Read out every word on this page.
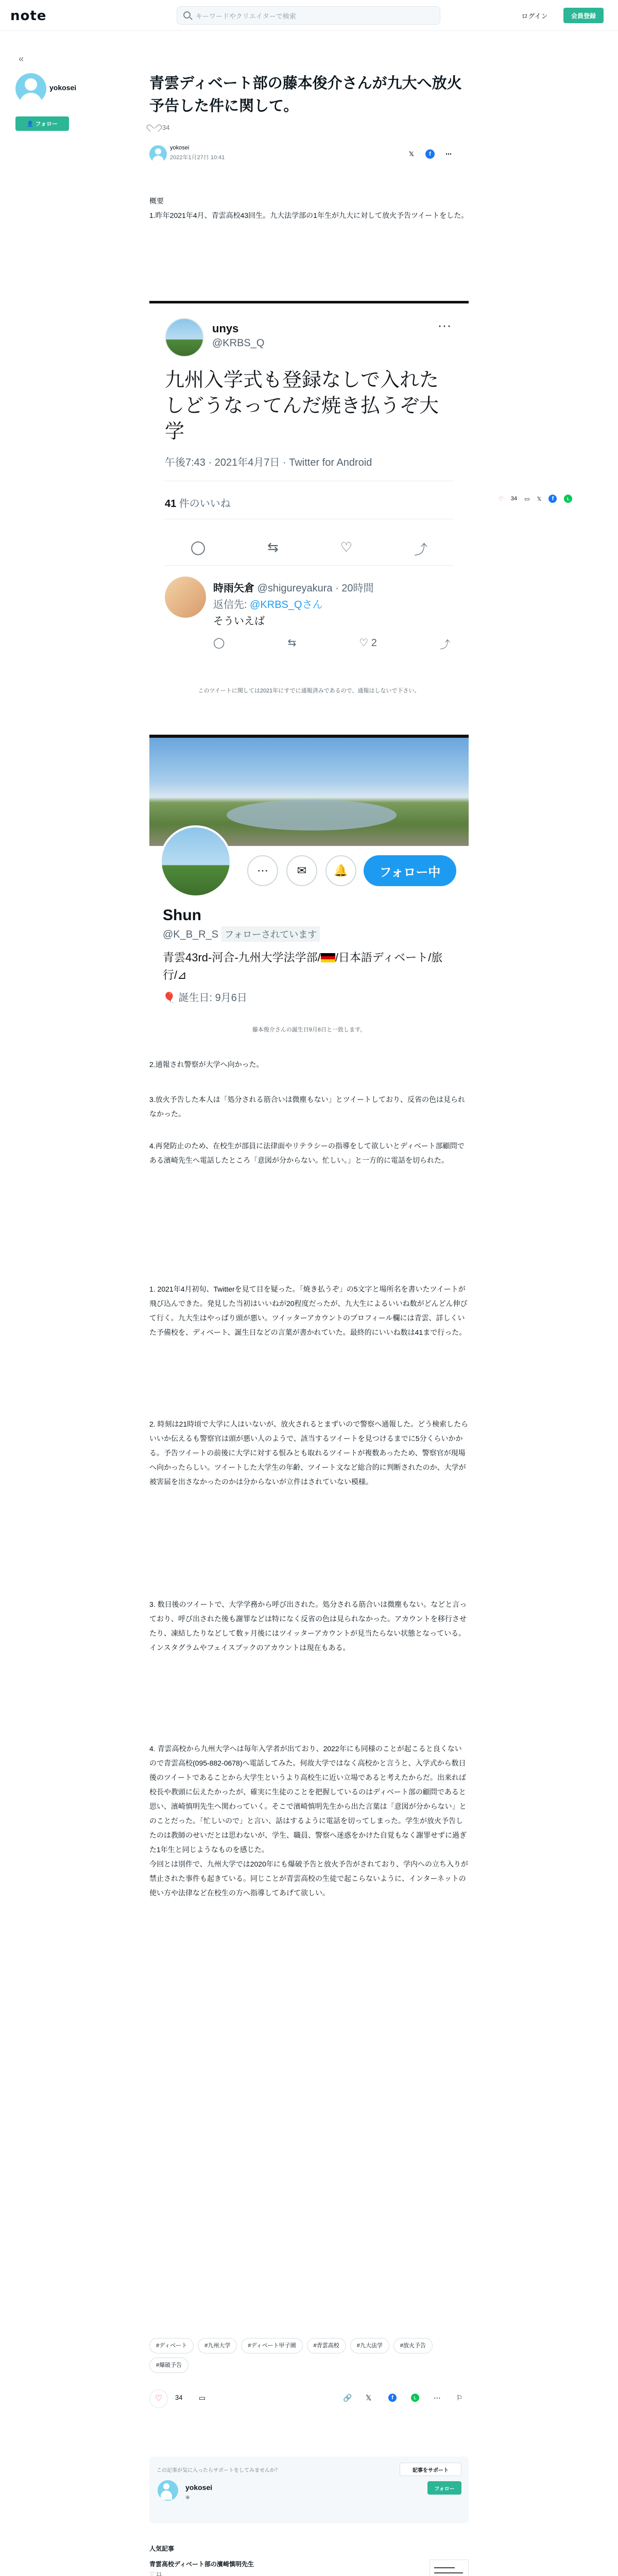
note
キーワードやクリエイターで検索	ログイン	会員登録
«
yokosei
👤 フォロー
青雲ディベート部の藤本俊介さんが九大へ放火予告した件に関して。
34
yokosei
2022年1月27日 10:41	𝕏	f	⋯
概要
1.昨年2021年4月、青雲高校43回生。九大法学部の1年生が九大に対して放火予告ツイートをした。
unys
@KRBS_Q
···
九州入学式も登録なしで入れたしどうなってんだ焼き払うぞ大学
午後7:43 · 2021年4月7日 · Twitter for Android
41 件のいいね
◯	⇆	♡	⤴
時雨矢倉 @shigureyakura · 20時間
返信先: @KRBS_Qさん
そういえば
◯	⇆	♡ 2	⤴
このツイートに関しては2021年にすでに通報済みであるので、通報はしないで下さい。
♡ 34 ▭ 𝕏	f	L
⋯	✉	🔔	フォロー中
Shun
@K_B_R_S フォローされています
青雲43rd-河合-九州大学法学部/ /日本語ディベート/旅行/⊿
🎈 誕生日: 9月6日
藤本俊介さんの誕生日9月6日と一致します。
2.通報され警察が大学へ向かった。
3.放火予告した本人は「処分される筋合いは微塵もない」とツイートしており、反省の色は見られなかった。
4.再発防止のため、在校生が部員に法律面やリテラシーの指導をして欲しいとディベート部顧問である濱崎先生へ電話したところ「意図が分からない。忙しい。」と一方的に電話を切られた。
1. 2021年4月初旬、Twitterを見て目を疑った。「焼き払うぞ」の5文字と場所名を書いたツイートが飛び込んできた。発見した当初はいいねが20程度だったが、九大生によるいいね数がどんどん伸びて行く。九大生はやっぱり頭が悪い。ツイッターアカウントのプロフィール欄には青雲、詳しくいた予備校を、ディベート、誕生日などの言葉が書かれていた。最終的にいいね数は41まで行った。
2. 時刻は21時頃で大学に人はいないが、放火されるとまずいので警察へ通報した。どう検索したらいいか伝えるも警察官は頭が悪い人のようで、該当するツイートを見つけるまでに5分くらいかかる。予告ツイートの前後に大学に対する恨みとも取れるツイートが複数あったため、警察官が現場へ向かったらしい。ツイートした大学生の年齢、ツイート文など総合的に判断されたのか、大学が被害届を出さなかったのかは分からないが立件はされていない模様。
3. 数日後のツイートで、大学学務から呼び出された。処分される筋合いは微塵もない。などと言っており、呼び出された後も謝罪などは特になく反省の色は見られなかった。アカウントを移行させたり、凍結したりなどして数ヶ月後にはツイッターアカウントが見当たらない状態となっている。インスタグラムやフェイスブックのアカウントは現在もある。
4. 青雲高校から九州大学へは毎年入学者が出ており、2022年にも同様のことが起こると良くないので青雲高校(095-882-0678)へ電話してみた。何故大学ではなく高校かと言うと、入学式から数日後のツイートであることから大学生というより高校生に近い立場であると考えたからだ。出来れば校長や教頭に伝えたかったが、確実に生徒のことを把握しているのはディベート部の顧問であると思い、濱崎慎明先生へ関わっていく。そこで濱崎慎明先生から出た言葉は「意図が分からない」とのことだった。「忙しいので」と言い、話はするように電話を切ってしまった。学生が放火予告したのは教師のせいだとは思わないが、学生、職員、警察へ迷惑をかけた自覚もなく謝罪せずに過ぎた1年生と同じようなものを感じた。
今回とは別件で、九州大学では2020年にも爆破予告と放火予告がされており、学内への立ち入りが禁止された事件も起きている。同じことが青雲高校の生徒で起こらないように、インターネットの使い方や法律など在校生の方へ指導してあげて欲しい。
#ディベート	#九州大学	#ディベート甲子園	#青雲高校	#九大法学	#放火予告
#爆破予告
♡	34 ▭	🔗 𝕏	f	L	⋯ ⚐
この記事が気に入ったらサポートをしてみませんか？	記事をサポート
yokosei
◉
フォロー
人気記事
青雲高校ディベート部の濱崎慎明先生
♡ 11
